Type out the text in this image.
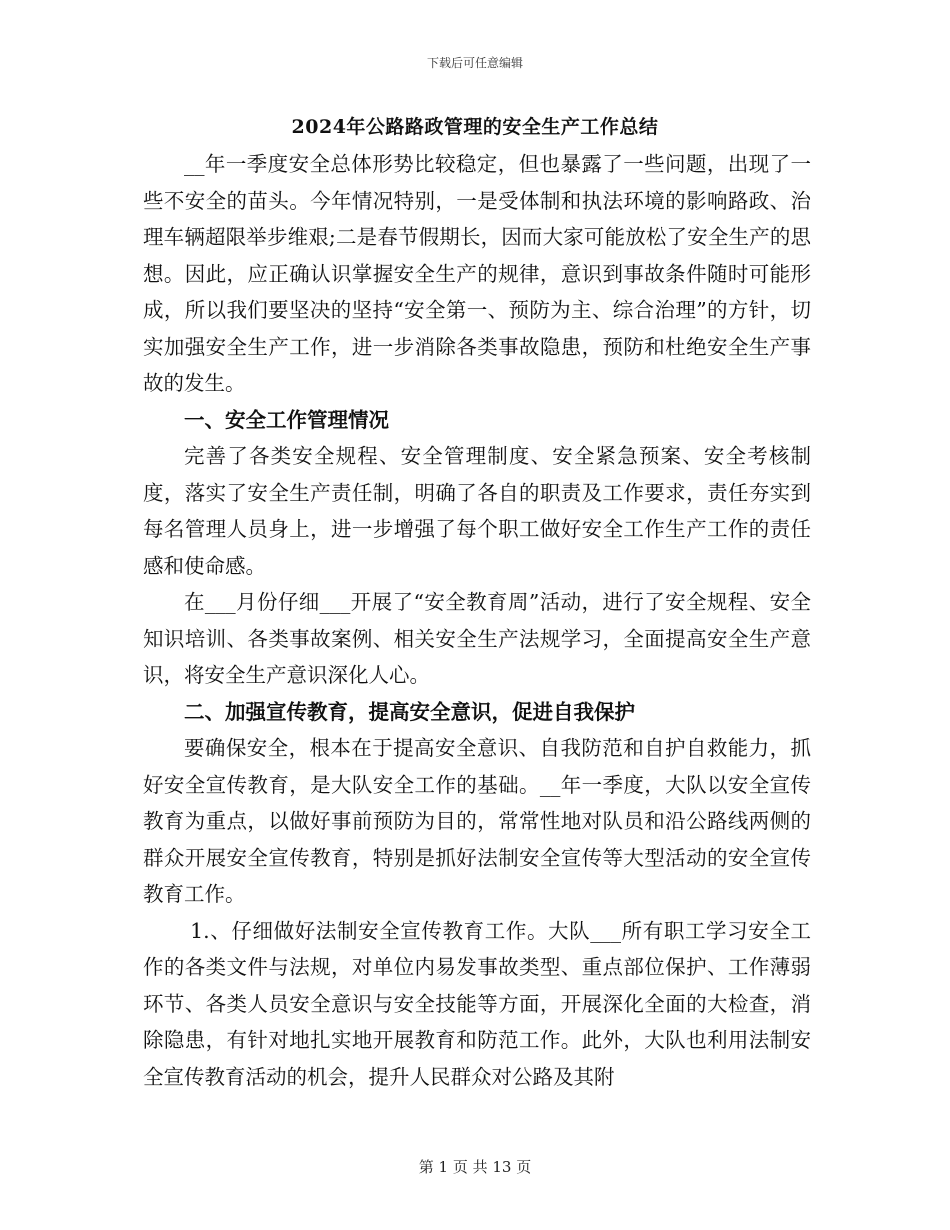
下载后可任意编辑
2024年公路路政管理的安全生产工作总结

__年一季度安全总体形势比较稳定，但也暴露了一些问题，出现了一些不安全的苗头。今年情况特别，一是受体制和执法环境的影响路政、治理车辆超限举步维艰;二是春节假期长，因而大家可能放松了安全生产的思想。因此，应正确认识掌握安全生产的规律，意识到事故条件随时可能形成，所以我们要坚决的坚持“安全第一、预防为主、综合治理”的方针，切实加强安全生产工作，进一步消除各类事故隐患，预防和杜绝安全生产事故的发生。

一、安全工作管理情况

完善了各类安全规程、安全管理制度、安全紧急预案、安全考核制度，落实了安全生产责任制，明确了各自的职责及工作要求，责任夯实到每名管理人员身上，进一步增强了每个职工做好安全工作生产工作的责任感和使命感。

在___月份仔细___开展了“安全教育周”活动，进行了安全规程、安全知识培训、各类事故案例、相关安全生产法规学习，全面提高安全生产意识，将安全生产意识深化人心。

二、加强宣传教育，提高安全意识，促进自我保护

要确保安全，根本在于提高安全意识、自我防范和自护自救能力，抓好安全宣传教育，是大队安全工作的基础。__年一季度，大队以安全宣传教育为重点，以做好事前预防为目的，常常性地对队员和沿公路线两侧的群众开展安全宣传教育，特别是抓好法制安全宣传等大型活动的安全宣传教育工作。

1.、仔细做好法制安全宣传教育工作。大队___所有职工学习安全工作的各类文件与法规，对单位内易发事故类型、重点部位保护、工作薄弱环节、各类人员安全意识与安全技能等方面，开展深化全面的大检查，消除隐患，有针对地扎实地开展教育和防范工作。此外，大队也利用法制安全宣传教育活动的机会，提升人民群众对公路及其附

第 1 页 共 13 页
